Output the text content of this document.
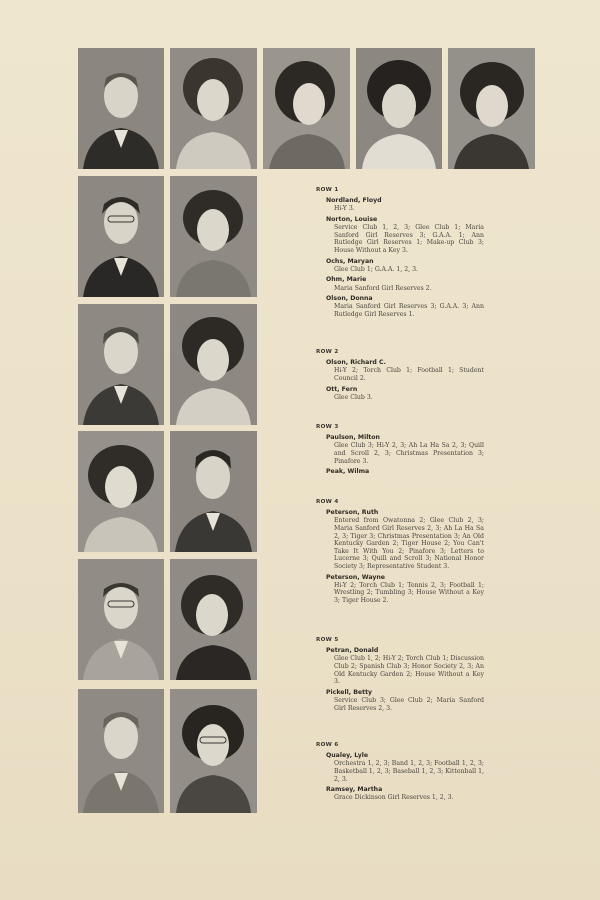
ROW 1
Nordland, Floyd
Hi-Y 3.
Norton, Louise
Service Club 1, 2, 3; Glee Club 1; Maria Sanford Girl Reserves 3; G.A.A. 1; Ann Rutledge Girl Reserves 1; Make-up Club 3; House Without a Key 3.
Ochs, Maryan
Glee Club 1; G.A.A. 1, 2, 3.
Ohm, Marie
Maria Sanford Girl Reserves 2.
Olson, Donna
Maria Sanford Girl Reserves 3; G.A.A. 3; Ann Rutledge Girl Reserves 1.
ROW 2
Olson, Richard C.
Hi-Y 2; Torch Club 1; Football 1; Student Council 2.
Ott, Fern
Glee Club 3.
ROW 3
Paulson, Milton
Glee Club 3; Hi-Y 2, 3; Ah La Ha Sa 2, 3; Quill and Scroll 2, 3; Christmas Presentation 3; Pinafore 3.
Peak, Wilma
ROW 4
Peterson, Ruth
Entered from Owatonna 2; Glee Club 2, 3; Maria Sanford Girl Reserves 2, 3; Ah La Ha Sa 2, 3; Tiger 3; Christmas Presentation 3; An Old Kentucky Garden 2; Tiger House 2; You Can't Take It With You 2; Pinafore 3; Letters to Lucerne 3; Quill and Scroll 3; National Honor Society 3; Representative Student 3.
Peterson, Wayne
Hi-Y 2; Torch Club 1; Tennis 2, 3; Football 1; Wrestling 2; Tumbling 3; House Without a Key 3; Tiger House 2.
ROW 5
Petran, Donald
Glee Club 1, 2; Hi-Y 2; Torch Club 1; Discussion Club 2; Spanish Club 3; Honor Society 2, 3; An Old Kentucky Garden 2; House Without a Key 3.
Pickell, Betty
Service Club 3; Glee Club 2; Maria Sanford Girl Reserves 2, 3.
ROW 6
Qualey, Lyle
Orchestra 1, 2, 3; Band 1, 2, 3; Football 1, 2, 3; Basketball 1, 2, 3; Baseball 1, 2, 3; Kittenball 1, 2, 3.
Ramsey, Martha
Grace Dickinson Girl Reserves 1, 2, 3.
